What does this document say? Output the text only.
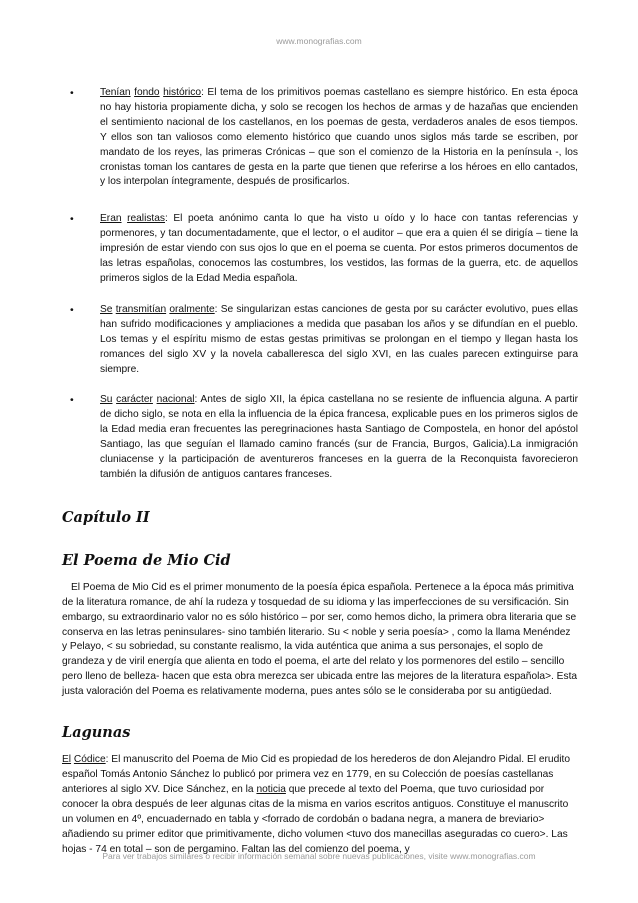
www.monografias.com
• Tenían fondo histórico: El tema de los primitivos poemas castellano es siempre histórico. En esta época no hay historia propiamente dicha, y solo se recogen los hechos de armas y de hazañas que encienden el sentimiento nacional de los castellanos, en los poemas de gesta, verdaderos anales de esos tiempos. Y ellos son tan valiosos como elemento histórico que cuando unos siglos más tarde se escriben, por mandato de los reyes, las primeras Crónicas – que son el comienzo de la Historia en la península -, los cronistas toman los cantares de gesta en la parte que tienen que referirse a los héroes en ello cantados, y los interpolan íntegramente, después de prosificarlos.
• Eran realistas: El poeta anónimo canta lo que ha visto u oído y lo hace con tantas referencias y pormenores, y tan documentadamente, que el lector, o el auditor – que era a quien él se dirigía – tiene la impresión de estar viendo con sus ojos lo que en el poema se cuenta. Por estos primeros documentos de las letras españolas, conocemos las costumbres, los vestidos, las formas de la guerra, etc. de aquellos primeros siglos de la Edad Media española.
• Se transmitían oralmente: Se singularizan estas canciones de gesta por su carácter evolutivo, pues ellas han sufrido modificaciones y ampliaciones a medida que pasaban los años y se difundían en el pueblo. Los temas y el espíritu mismo de estas gestas primitivas se prolongan en el tiempo y llegan hasta los romances del siglo XV y la novela caballeresca del siglo XVI, en las cuales parecen extinguirse para siempre.
• Su carácter nacional: Antes de siglo XII, la épica castellana no se resiente de influencia alguna. A partir de dicho siglo, se nota en ella la influencia de la épica francesa, explicable pues en los primeros siglos de la Edad media eran frecuentes las peregrinaciones hasta Santiago de Compostela, en honor del apóstol Santiago, las que seguían el llamado camino francés (sur de Francia, Burgos, Galicia).La inmigración cluniacense y la participación de aventureros franceses en la guerra de la Reconquista favorecieron también la difusión de antiguos cantares franceses.
Capítulo II
El Poema de Mio Cid

El Poema de Mio Cid es el primer monumento de la poesía épica española. Pertenece a la época más primitiva de la literatura romance, de ahí la rudeza y tosquedad de su idioma y las imperfecciones de su versificación. Sin embargo, su extraordinario valor no es sólo histórico – por ser, como hemos dicho, la primera obra literaria que se conserva en las letras peninsulares- sino también literario. Su < noble y seria poesía> , como la llama Menéndez y Pelayo, < su sobriedad, su constante realismo, la vida auténtica que anima a sus personajes, el soplo de grandeza y de viril energía que alienta en todo el poema, el arte del relato y los pormenores del estilo – sencillo pero lleno de belleza- hacen que esta obra merezca ser ubicada entre las mejores de la literatura española>. Esta justa valoración del Poema es relativamente moderna, pues antes sólo se le consideraba por su antigüedad.

Lagunas

El Códice: El manuscrito del Poema de Mio Cid es propiedad de los herederos de don Alejandro Pidal. El erudito español Tomás Antonio Sánchez lo publicó por primera vez en 1779, en su Colección de poesías castellanas anteriores al siglo XV. Dice Sánchez, en la noticia que precede al texto del Poema, que tuvo curiosidad por conocer la obra después de leer algunas citas de la misma en varios escritos antiguos. Constituye el manuscrito un volumen en 4º, encuadernado en tabla y <forrado de cordobán o badana negra, a manera de breviario> añadiendo su primer editor que primitivamente, dicho volumen <tuvo dos manecillas aseguradas co cuero>. Las hojas - 74 en total – son de pergamino. Faltan las del comienzo del poema, y

Para ver trabajos similares o recibir información semanal sobre nuevas publicaciones, visite www.monografias.com
